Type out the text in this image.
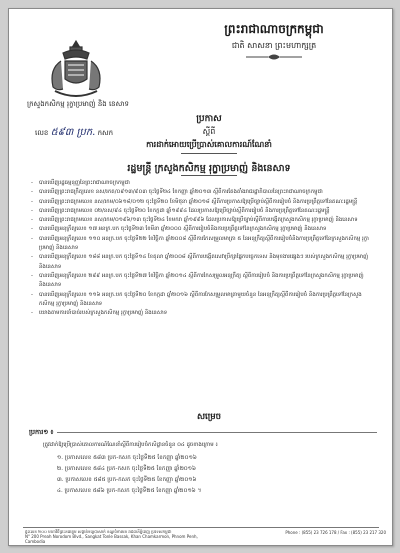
ព្រះរាជាណាចក្រកម្ពុជា
ជាតិ សាសនា ព្រះមហាក្សត្រ
ក្រសួងកសិកម្ម រុក្ខាប្រមាញ់ និង នេសាទ
លេខ ៥៩៣ ប្រក. កសក
ប្រកាស
ស្តីពី
ការដាក់អោយប្រើប្រាស់គោលការណ៍ណែនាំ
រដ្ឋមន្ត្រី ក្រសួងកសិកម្ម រុក្ខាប្រមាញ់ និងនេសាទ
- បានឃើញរដ្ឋធម្មនុញ្ញនៃព្រះរាជាណាចក្រកម្ពុជា
- បានឃើញព្រះរាជក្រឹត្យលេខ នស/រកត/០៩១៣/៩០៣ ចុះថ្ងៃទី២៤ ខែកញ្ញា ឆ្នាំ២០១៣ ស្តីពីការតែងតាំងរាជរដ្ឋាភិបាលនៃព្រះរាជាណាចក្រកម្ពុជា
- បានឃើញព្រះរាជក្រមលេខ នស/រកម/០៦១៨/០១២ ចុះថ្ងៃទី២០ ខែមិថុនា ឆ្នាំ២០១៨ ស្តីពីការប្រកាសឱ្យប្រើច្បាប់ស្តីពីការរៀបចំ និងការប្រព្រឹត្តទៅនៃគណៈរដ្ឋមន្ត្រី
- បានឃើញព្រះរាជក្រមលេខ ០២/នស/៩៤ ចុះថ្ងៃទី២០ ខែកក្កដា ឆ្នាំ១៩៩៤ ដែលប្រកាសឱ្យប្រើច្បាប់ស្តីពីការរៀបចំ និងការប្រព្រឹត្តទៅនៃគណៈរដ្ឋមន្ត្រី
- បានឃើញព្រះរាជក្រមលេខ នស/រកម/០១៩៦/១៣ ចុះថ្ងៃទី២៤ ខែមករា ឆ្នាំ១៩៩៦ ដែលប្រកាសឱ្យប្រើច្បាប់ស្តីពីការបង្កើតក្រសួងកសិកម្ម រុក្ខាប្រមាញ់ និងនេសាទ
- បានឃើញអនុក្រឹត្យលេខ ១៧ អនក្រ.បក ចុះថ្ងៃទី២៣ ខែមីនា ឆ្នាំ២០០០ ស្តីពីការរៀបចំនិងការប្រព្រឹត្តទៅនៃក្រសួងកសិកម្ម រុក្ខាប្រមាញ់ និងនេសាទ
- បានឃើញអនុក្រឹត្យលេខ ១១០ អនក្រ.បក ចុះថ្ងៃទី២២ ខែវិច្ឆិកា ឆ្នាំ២០០៨ ស្តីពីការកែសម្រួលមាត្រា ៥ នៃអនុក្រឹត្យស្តីពីការរៀបចំនិងការប្រព្រឹត្តទៅនៃក្រសួងកសិកម្ម រុក្ខាប្រមាញ់ និងនេសាទ
- បានឃើញអនុក្រឹត្យលេខ ១៨៨ អនក្រ.បក ចុះថ្ងៃទី១៤ ខែតុលា ឆ្នាំ២០០៨ ស្តីពីការបង្កើតសេវាប្រឹក្សាផ្នែកបច្ចេកទេស និងមុខងារផ្សេងៗ របស់ក្រសួងកសិកម្ម រុក្ខាប្រមាញ់ និងនេសាទ
- បានឃើញអនុក្រឹត្យលេខ ២៩៩ អនក្រ.បក ចុះថ្ងៃទី២៧ ខែវិច្ឆិកា ឆ្នាំ២០១៤ ស្តីពីការកែសម្រួលអនុក្រឹត្យ ស្តីពីការរៀបចំ និងការប្រព្រឹត្តទៅនៃក្រសួងកសិកម្ម រុក្ខាប្រមាញ់ និងនេសាទ
- បានឃើញអនុក្រឹត្យលេខ ១១៦ អនក្រ.បក ចុះថ្ងៃទី២០ ខែកក្កដា ឆ្នាំ២០១៦ ស្តីពីការកែសម្រួលមាត្រាមួយចំនួន នៃអនុក្រឹត្យស្តីពីការរៀបចំ និងការប្រព្រឹត្តទៅនៃក្រសួងកសិកម្ម រុក្ខាប្រមាញ់ និងនេសាទ
- យោងតាមការចាំបាច់របស់ក្រសួងកសិកម្ម រុក្ខាប្រមាញ់ និងនេសាទ
សម្រេច
ប្រការ១ ៖
ត្រូវដាក់ឱ្យប្រើប្រាស់គោលការណ៍ណែនាំស្តីពីការរៀបចំកសិដ្ឋានចំនួន ០៤ ដូចខាងក្រោម ៖
១. ប្រកាសលេខ ៥៨៣ ប្រក-កសក ចុះថ្ងៃទី២៥ ខែកញ្ញា ឆ្នាំ២០១៦
២. ប្រកាសលេខ ៥៨៤ ប្រក-កសក ចុះថ្ងៃទី២៥ ខែកញ្ញា ឆ្នាំ២០១៦
៣. ប្រកាសលេខ ៥៨៥ ប្រក-កសក ចុះថ្ងៃទី២៥ ខែកញ្ញា ឆ្នាំ២០១៦
៤. ប្រកាសលេខ ៥៨៦ ប្រក-កសក ចុះថ្ងៃទី២៥ ខែកញ្ញា ឆ្នាំ២០១៦ ។
ផ្ទះលេខ ២០០ មហាវិថីព្រះនរោត្តម សង្កាត់ទន្លេបាសាក់ ខណ្ឌចំការមន រាជធានីភ្នំពេញ ប្រទេសកម្ពុជា
N° 200 Preah Norodom Blvd., Sangkat Tonle Bassak, Khan Chamkarmon, Phnom Penh, Cambodia
Phone : (855) 23 726 178 / Fax : (855) 23 217 320
